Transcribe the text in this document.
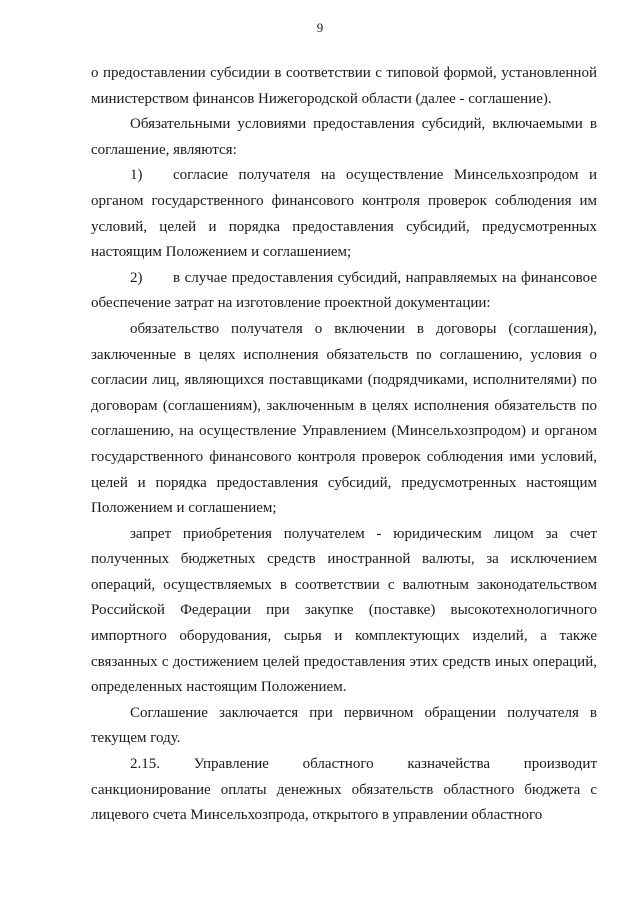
9

о предоставлении субсидии в соответствии с типовой формой, установленной министерством финансов Нижегородской области (далее - соглашение).

Обязательными условиями предоставления субсидий, включаемыми в соглашение, являются:

1) согласие получателя на осуществление Минсельхозпродом и органом государственного финансового контроля проверок соблюдения им условий, целей и порядка предоставления субсидий, предусмотренных настоящим Положением и соглашением;

2) в случае предоставления субсидий, направляемых на финансовое обеспечение затрат на изготовление проектной документации:

обязательство получателя о включении в договоры (соглашения), заключенные в целях исполнения обязательств по соглашению, условия о согласии лиц, являющихся поставщиками (подрядчиками, исполнителями) по договорам (соглашениям), заключенным в целях исполнения обязательств по соглашению, на осуществление Управлением (Минсельхозпродом) и органом государственного финансового контроля проверок соблюдения ими условий, целей и порядка предоставления субсидий, предусмотренных настоящим Положением и соглашением;

запрет приобретения получателем - юридическим лицом за счет полученных бюджетных средств иностранной валюты, за исключением операций, осуществляемых в соответствии с валютным законодательством Российской Федерации при закупке (поставке) высокотехнологичного импортного оборудования, сырья и комплектующих изделий, а также связанных с достижением целей предоставления этих средств иных операций, определенных настоящим Положением.

Соглашение заключается при первичном обращении получателя в текущем году.

2.15. Управление областного казначейства производит санкционирование оплаты денежных обязательств областного бюджета с лицевого счета Минсельхозпрода, открытого в управлении областного
